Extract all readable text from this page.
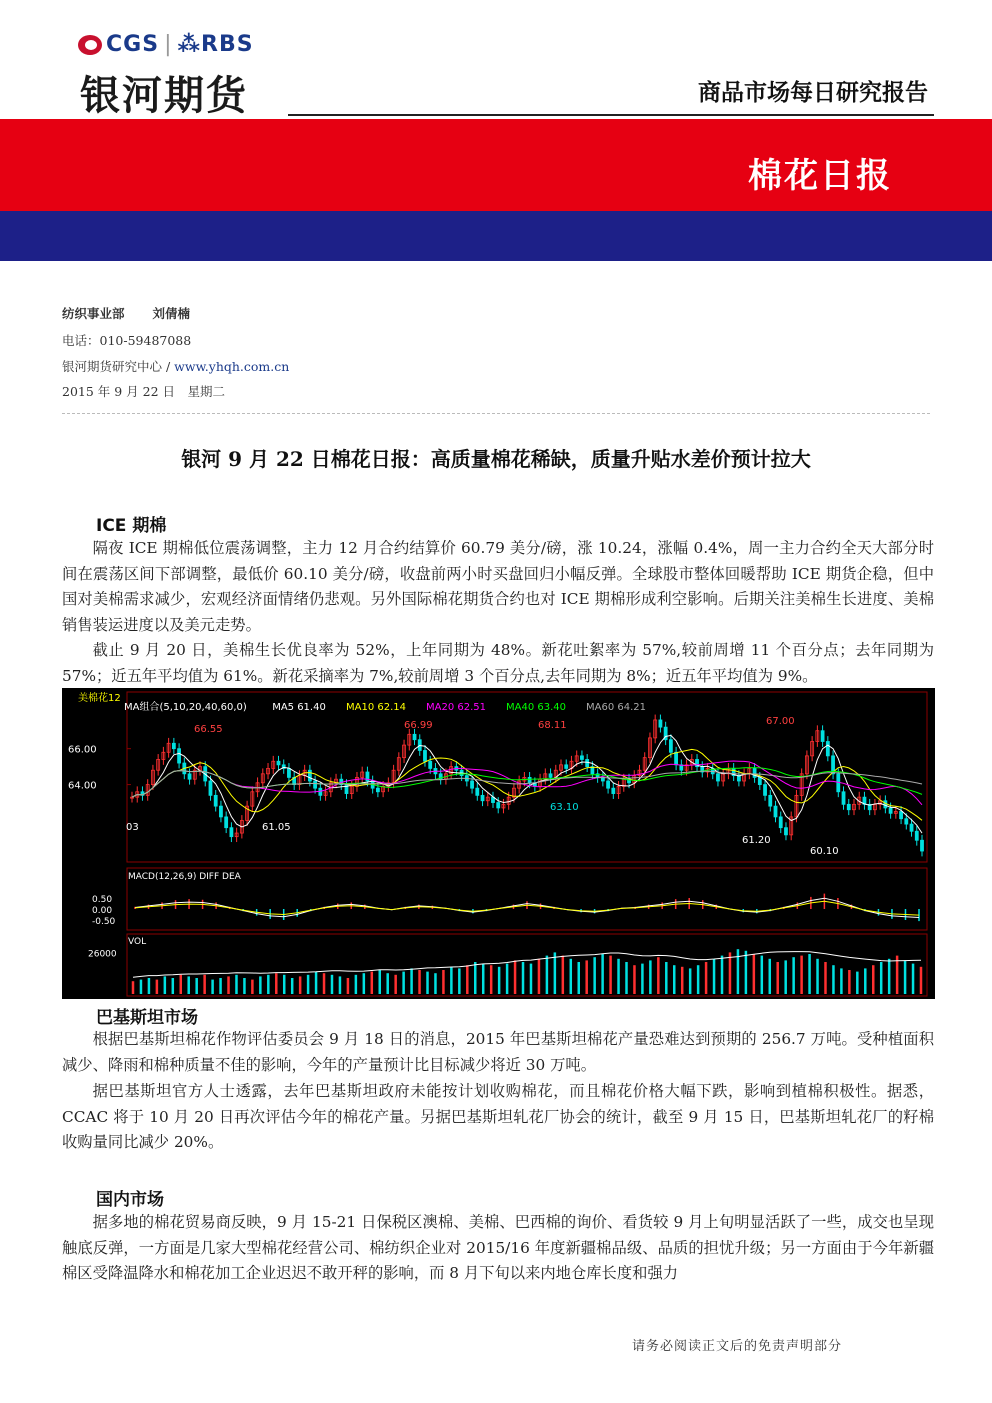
CGS | ⁂RBS
银河期货	商品市场每日研究报告
棉花日报
纺织事业部 刘倩楠
电话：010-59487088
银河期货研究中心 / www.yhqh.com.cn
2015 年 9 月 22 日　星期二
银河 9 月 22 日棉花日报：高质量棉花稀缺，质量升贴水差价预计拉大
ICE 期棉
隔夜 ICE 期棉低位震荡调整，主力 12 月合约结算价 60.79 美分/磅，涨 10.24，涨幅 0.4%，周一主力合约全天大部分时间在震荡区间下部调整，最低价 60.10 美分/磅，收盘前两小时买盘回归小幅反弹。全球股市整体回暖帮助 ICE 期货企稳，但中国对美棉需求减少，宏观经济面情绪仍悲观。另外国际棉花期货合约也对 ICE 期棉形成利空影响。后期关注美棉生长进度、美棉销售装运进度以及美元走势。
截止 9 月 20 日，美棉生长优良率为 52%，上年同期为 48%。新花吐絮率为 57%,较前周增 11 个百分点；去年同期为 57%；近五年平均值为 61%。新花采摘率为 7%,较前周增 3 个百分点,去年同期为 8%；近五年平均值为 9%。
美棉花12
MA组合(5,10,20,40,60,0)	MA5 61.40 MA10 62.14 MA20 62.51 MA40 63.40 MA60 64.21
66.00
64.00
66.55	66.99	68.11	67.00
61.05
61.20
60.10
03
63.10
MACD(12,26,9) DIFF DEA
0.50
0.00
-0.50
VOL
26000
巴基斯坦市场
根据巴基斯坦棉花作物评估委员会 9 月 18 日的消息，2015 年巴基斯坦棉花产量恐难达到预期的 256.7 万吨。受种植面积减少、降雨和棉种质量不佳的影响，今年的产量预计比目标减少将近 30 万吨。
据巴基斯坦官方人士透露，去年巴基斯坦政府未能按计划收购棉花，而且棉花价格大幅下跌，影响到植棉积极性。据悉，CCAC 将于 10 月 20 日再次评估今年的棉花产量。另据巴基斯坦轧花厂协会的统计，截至 9 月 15 日，巴基斯坦轧花厂的籽棉收购量同比减少 20%。
国内市场
据多地的棉花贸易商反映，9 月 15-21 日保税区澳棉、美棉、巴西棉的询价、看货较 9 月上旬明显活跃了一些，成交也呈现触底反弹，一方面是几家大型棉花经营公司、棉纺织企业对 2015/16 年度新疆棉品级、品质的担忧升级；另一方面由于今年新疆棉区受降温降水和棉花加工企业迟迟不敢开秤的影响，而 8 月下旬以来内地仓库长度和强力
请务必阅读正文后的免责声明部分
